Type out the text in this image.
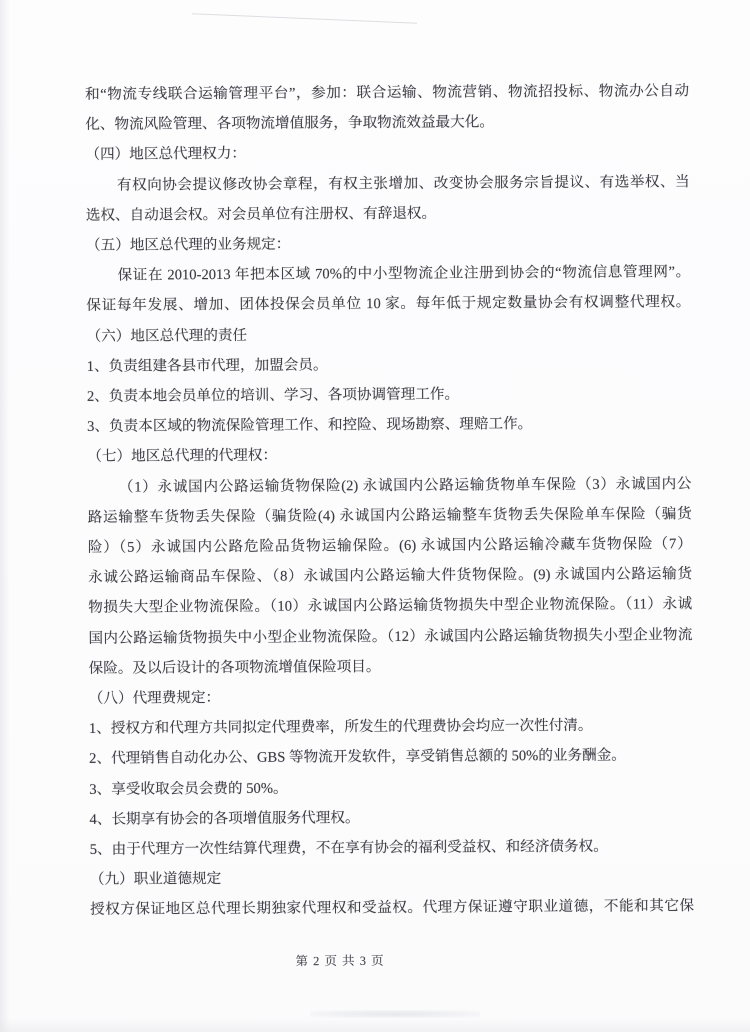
和“物流专线联合运输管理平台”，参加：联合运输、物流营销、物流招投标、物流办公自动
化、物流风险管理、各项物流增值服务，争取物流效益最大化。
（四）地区总代理权力：
有权向协会提议修改协会章程，有权主张增加、改变协会服务宗旨提议、有选举权、当
选权、自动退会权。对会员单位有注册权、有辞退权。
（五）地区总代理的业务规定：
保证在 2010-2013 年把本区域 70%的中小型物流企业注册到协会的“物流信息管理网”。
保证每年发展、增加、团体投保会员单位 10 家。每年低于规定数量协会有权调整代理权。
（六）地区总代理的责任
1、负责组建各县市代理，加盟会员。
2、负责本地会员单位的培训、学习、各项协调管理工作。
3、负责本区域的物流保险管理工作、和控险、现场勘察、理赔工作。
（七）地区总代理的代理权：
（1）永诚国内公路运输货物保险(2) 永诚国内公路运输货物单车保险（3）永诚国内公
路运输整车货物丢失保险（骗货险(4) 永诚国内公路运输整车货物丢失保险单车保险（骗货
险）（5）永诚国内公路危险品货物运输保险。(6) 永诚国内公路运输冷藏车货物保险（7）
永诚公路运输商品车保险、（8）永诚国内公路运输大件货物保险。(9) 永诚国内公路运输货
物损失大型企业物流保险。（10）永诚国内公路运输货物损失中型企业物流保险。（11）永诚
国内公路运输货物损失中小型企业物流保险。（12）永诚国内公路运输货物损失小型企业物流
保险。及以后设计的各项物流增值保险项目。
（八）代理费规定：
1、授权方和代理方共同拟定代理费率，所发生的代理费协会均应一次性付清。
2、代理销售自动化办公、GBS 等物流开发软件，享受销售总额的 50%的业务酬金。
3、享受收取会员会费的 50%。
4、长期享有协会的各项增值服务代理权。
5、由于代理方一次性结算代理费，不在享有协会的福利受益权、和经济债务权。
（九）职业道德规定
授权方保证地区总代理长期独家代理权和受益权。代理方保证遵守职业道德，不能和其它保
第 2 页 共 3 页
